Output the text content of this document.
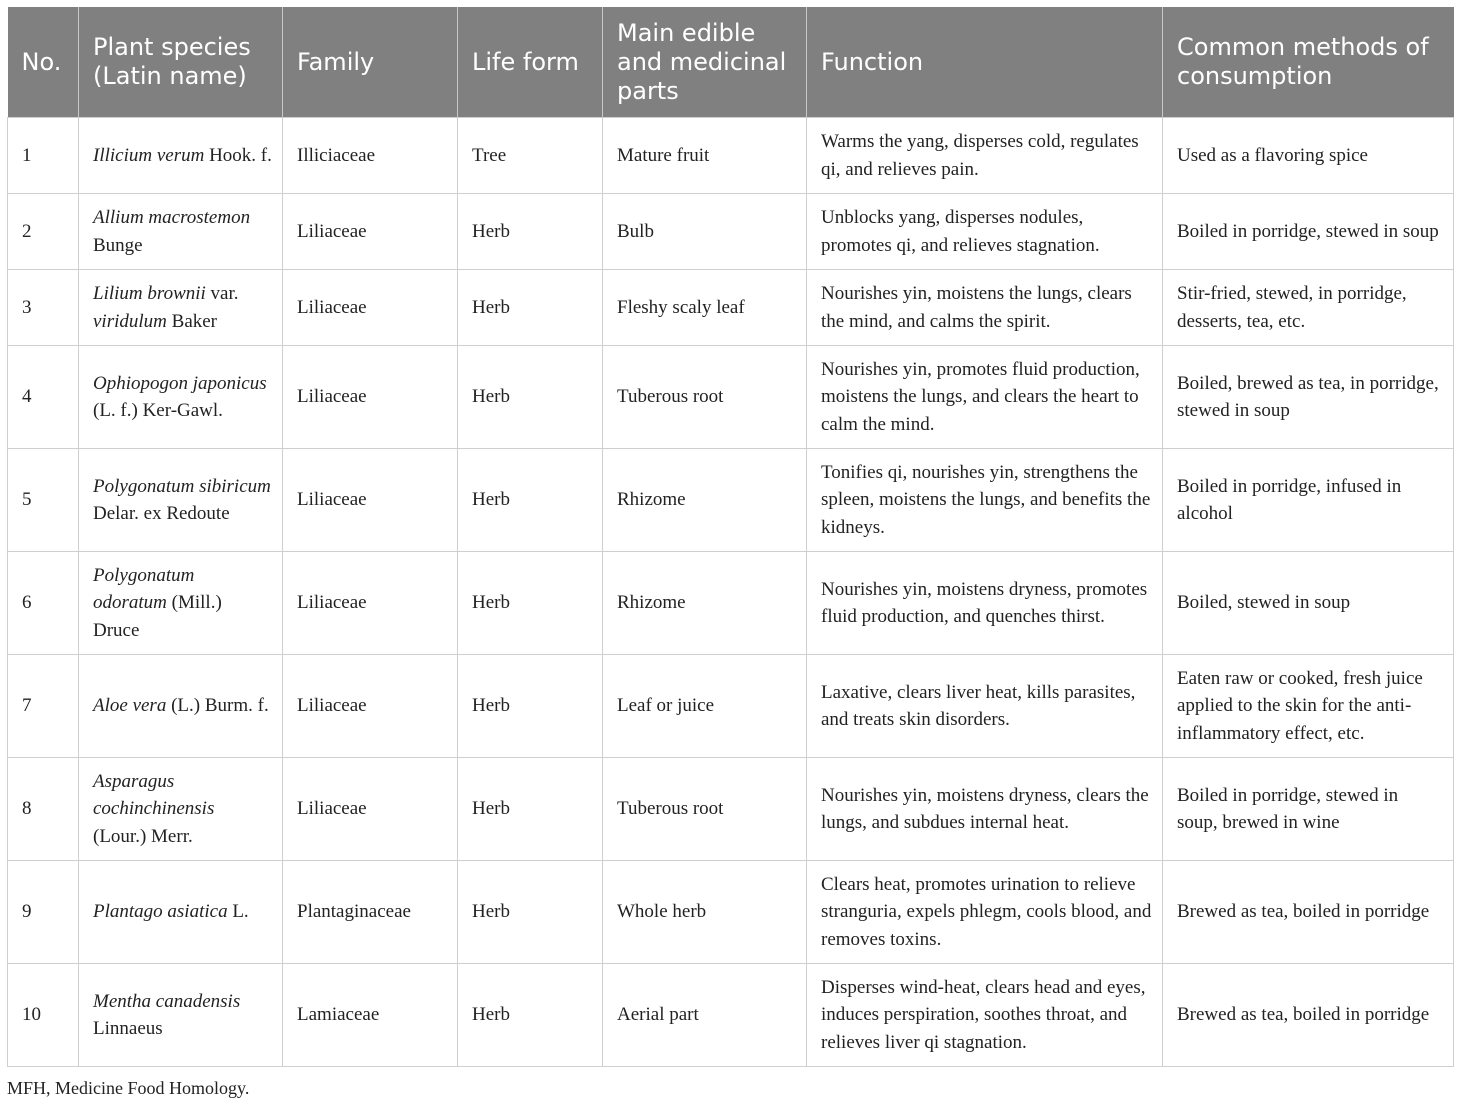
No.	Plant species (Latin name)	Family	Life form	Main edible and medicinal parts	Function	Common methods of consumption
1	Illicium verum Hook. f.	Illiciaceae	Tree	Mature fruit	Warms the yang, disperses cold, regulates qi, and relieves pain.	Used as a flavoring spice
2	Allium macrostemon Bunge	Liliaceae	Herb	Bulb	Unblocks yang, disperses nodules, promotes qi, and relieves stagnation.	Boiled in porridge, stewed in soup
3	Lilium brownii var. viridulum Baker	Liliaceae	Herb	Fleshy scaly leaf	Nourishes yin, moistens the lungs, clears the mind, and calms the spirit.	Stir-fried, stewed, in porridge, desserts, tea, etc.
4	Ophiopogon japonicus (L. f.) Ker-Gawl.	Liliaceae	Herb	Tuberous root	Nourishes yin, promotes fluid production, moistens the lungs, and clears the heart to calm the mind.	Boiled, brewed as tea, in porridge, stewed in soup
5	Polygonatum sibiricum Delar. ex Redoute	Liliaceae	Herb	Rhizome	Tonifies qi, nourishes yin, strengthens the spleen, moistens the lungs, and benefits the kidneys.	Boiled in porridge, infused in alcohol
6	Polygonatum odoratum (Mill.) Druce	Liliaceae	Herb	Rhizome	Nourishes yin, moistens dryness, promotes fluid production, and quenches thirst.	Boiled, stewed in soup
7	Aloe vera (L.) Burm. f.	Liliaceae	Herb	Leaf or juice	Laxative, clears liver heat, kills parasites, and treats skin disorders.	Eaten raw or cooked, fresh juice applied to the skin for the anti-inflammatory effect, etc.
8	Asparagus cochinchinensis (Lour.) Merr.	Liliaceae	Herb	Tuberous root	Nourishes yin, moistens dryness, clears the lungs, and subdues internal heat.	Boiled in porridge, stewed in soup, brewed in wine
9	Plantago asiatica L.	Plantaginaceae	Herb	Whole herb	Clears heat, promotes urination to relieve stranguria, expels phlegm, cools blood, and removes toxins.	Brewed as tea, boiled in porridge
10	Mentha canadensis Linnaeus	Lamiaceae	Herb	Aerial part	Disperses wind-heat, clears head and eyes, induces perspiration, soothes throat, and relieves liver qi stagnation.	Brewed as tea, boiled in porridge
MFH, Medicine Food Homology.
